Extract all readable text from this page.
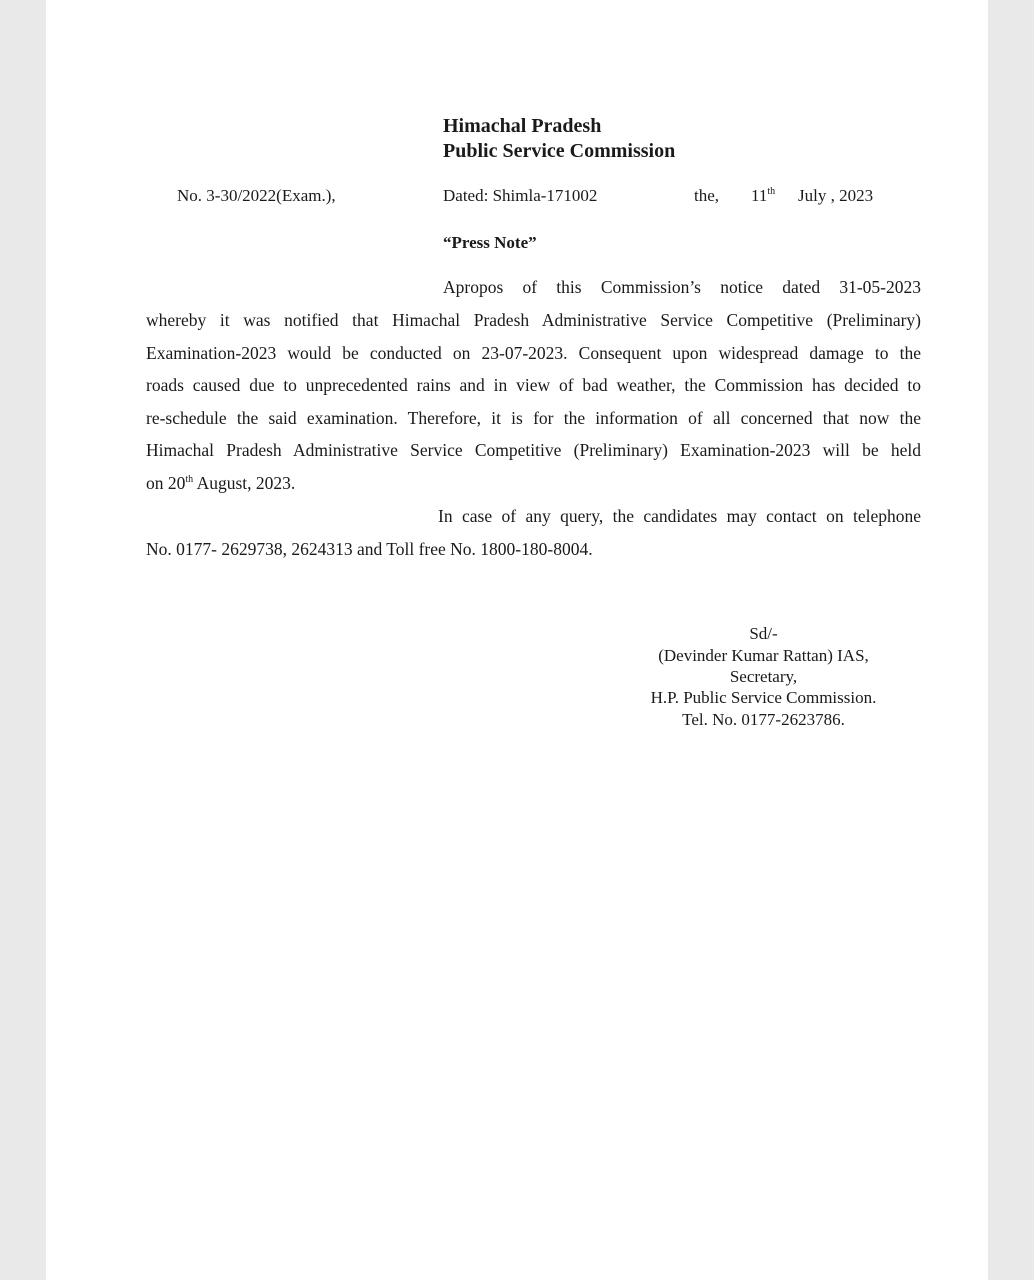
Himachal Pradesh
Public Service Commission
No. 3-30/2022(Exam.),	Dated: Shimla-171002	the, 11th July , 2023
“Press Note”
Apropos of this Commission’s notice dated 31-05-2023
whereby it was notified that Himachal Pradesh Administrative Service Competitive (Preliminary)
Examination-2023 would be conducted on 23-07-2023. Consequent upon widespread damage to the
roads caused due to unprecedented rains and in view of bad weather, the Commission has decided to
re-schedule the said examination. Therefore, it is for the information of all concerned that now the
Himachal Pradesh Administrative Service Competitive (Preliminary) Examination-2023 will be held
on 20th August, 2023.
In case of any query, the candidates may contact on telephone
No. 0177- 2629738, 2624313 and Toll free No. 1800-180-8004.
Sd/-
(Devinder Kumar Rattan) IAS,
Secretary,
H.P. Public Service Commission.
Tel. No. 0177-2623786.
